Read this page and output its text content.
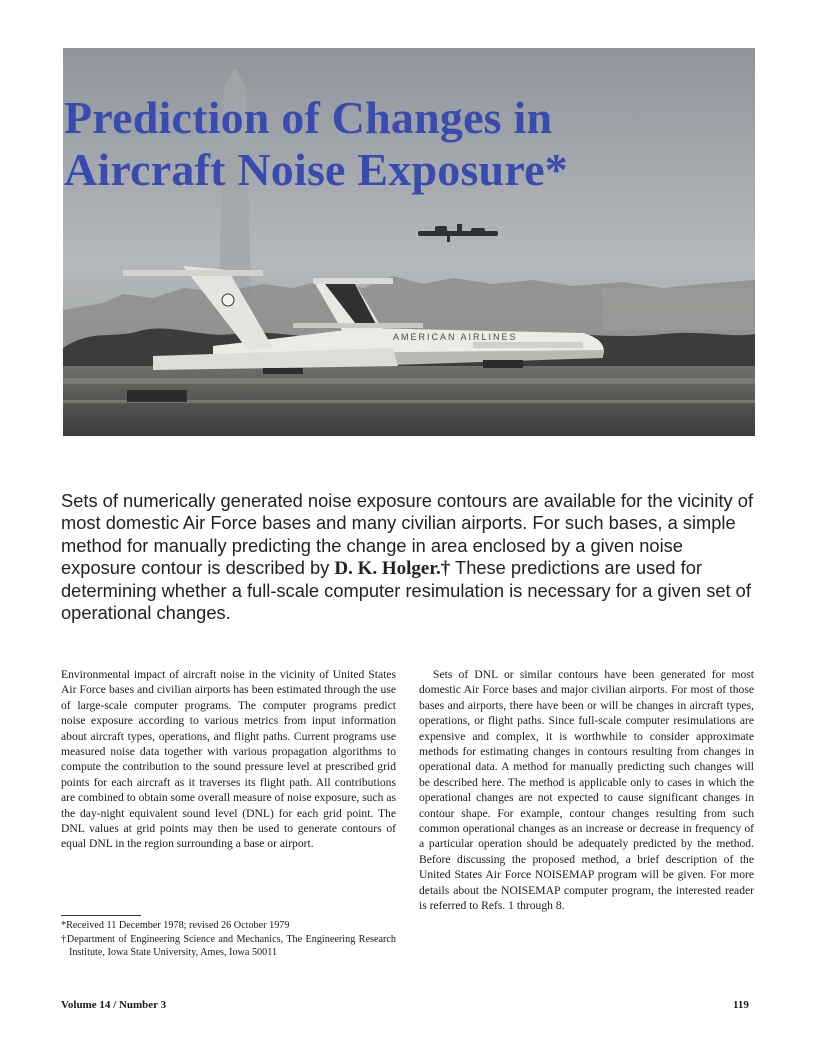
AMERICAN AIRLINES
Prediction of Changes in
Aircraft Noise Exposure*

Sets of numerically generated noise exposure contours are available for the vicinity of most domestic Air Force bases and many civilian airports. For such bases, a simple method for manually predicting the change in area enclosed by a given noise exposure contour is described by D. K. Holger.† These predictions are used for determining whether a full-scale computer resimulation is necessary for a given set of operational changes.

Environmental impact of aircraft noise in the vicinity of United States Air Force bases and civilian airports has been estimated through the use of large-scale computer programs. The computer programs predict noise exposure according to various metrics from input information about aircraft types, operations, and flight paths. Current programs use measured noise data together with various propagation algorithms to compute the contribution to the sound pressure level at prescribed grid points for each aircraft as it traverses its flight path. All contributions are combined to obtain some overall measure of noise exposure, such as the day-night equivalent sound level (DNL) for each grid point. The DNL values at grid points may then be used to generate contours of equal DNL in the region surrounding a base or airport.

*Received 11 December 1978; revised 26 October 1979

†Department of Engineering Science and Mechanics, The Engineering Research Institute, Iowa State University, Ames, Iowa 50011

Sets of DNL or similar contours have been generated for most domestic Air Force bases and major civilian airports. For most of those bases and airports, there have been or will be changes in aircraft types, operations, or flight paths. Since full-scale computer resimulations are expensive and complex, it is worthwhile to consider approximate methods for estimating changes in contours resulting from changes in operational data. A method for manually predicting such changes will be described here. The method is applicable only to cases in which the operational changes are not expected to cause significant changes in contour shape. For example, contour changes resulting from such common operational changes as an increase or decrease in frequency of a particular operation should be adequately predicted by the method. Before discussing the proposed method, a brief description of the United States Air Force NOISEMAP program will be given. For more details about the NOISEMAP computer program, the interested reader is referred to Refs. 1 through 8.

Volume 14 / Number 3	119
